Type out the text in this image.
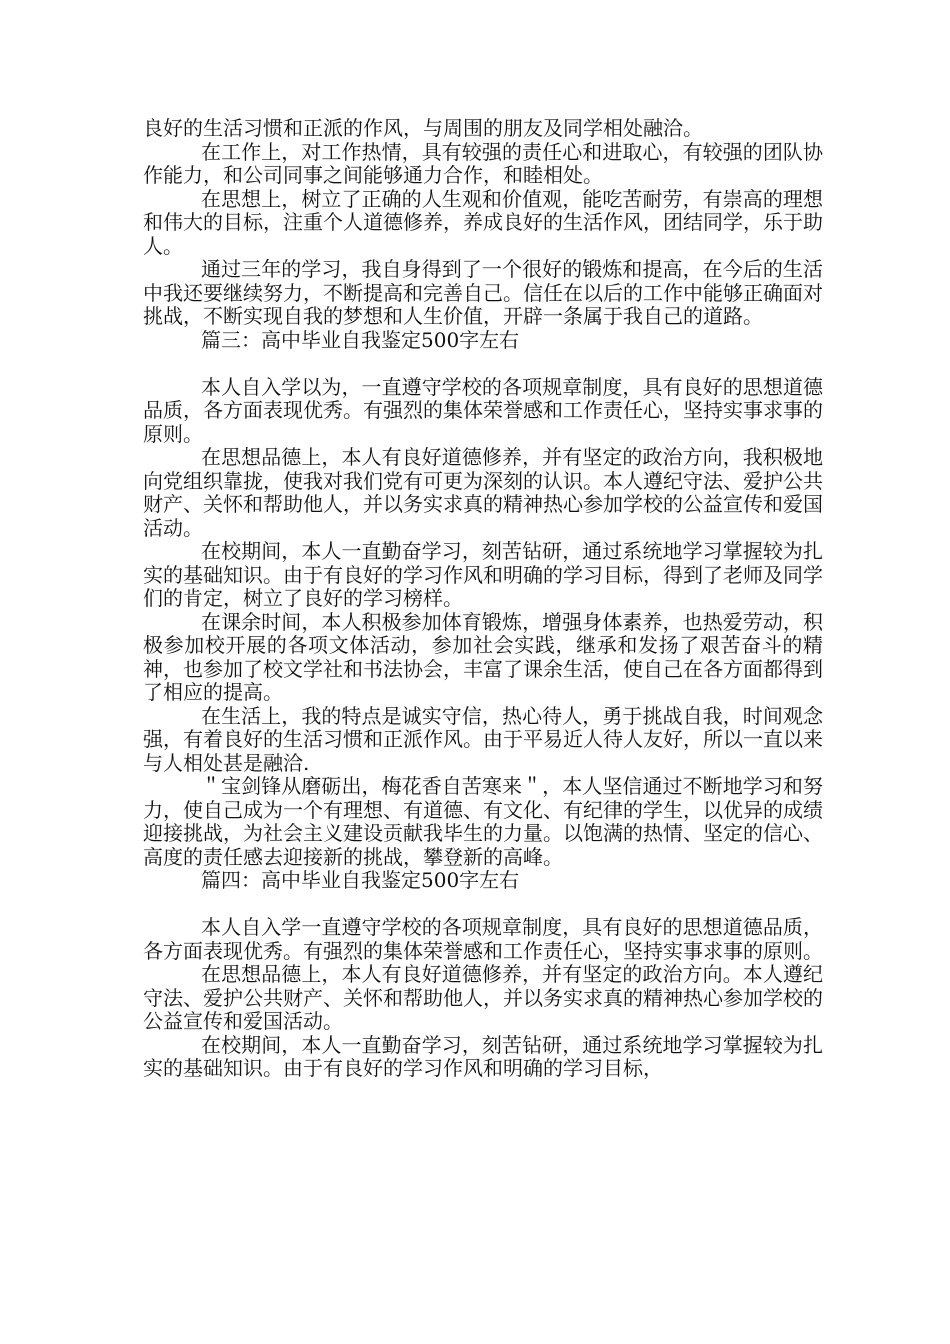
良好的生活习惯和正派的作风，与周围的朋友及同学相处融洽。

在工作上，对工作热情，具有较强的责任心和进取心，有较强的团队协作能力，和公司同事之间能够通力合作，和睦相处。

在思想上，树立了正确的人生观和价值观，能吃苦耐劳，有崇高的理想和伟大的目标，注重个人道德修养，养成良好的生活作风，团结同学，乐于助人。

通过三年的学习，我自身得到了一个很好的锻炼和提高，在今后的生活中我还要继续努力，不断提高和完善自己。信任在以后的工作中能够正确面对挑战，不断实现自我的梦想和人生价值，开辟一条属于我自己的道路。

篇三：高中毕业自我鉴定500字左右

本人自入学以为，一直遵守学校的各项规章制度，具有良好的思想道德品质，各方面表现优秀。有强烈的集体荣誉感和工作责任心，坚持实事求事的原则。

在思想品德上，本人有良好道德修养，并有坚定的政治方向，我积极地向党组织靠拢，使我对我们党有可更为深刻的认识。本人遵纪守法、爱护公共财产、关怀和帮助他人，并以务实求真的精神热心参加学校的公益宣传和爱国活动。

在校期间，本人一直勤奋学习，刻苦钻研，通过系统地学习掌握较为扎实的基础知识。由于有良好的学习作风和明确的学习目标，得到了老师及同学们的肯定，树立了良好的学习榜样。

在课余时间，本人积极参加体育锻炼，增强身体素养，也热爱劳动，积极参加校开展的各项文体活动，参加社会实践，继承和发扬了艰苦奋斗的精神，也参加了校文学社和书法协会，丰富了课余生活，使自己在各方面都得到了相应的提高。

在生活上，我的特点是诚实守信，热心待人，勇于挑战自我，时间观念强，有着良好的生活习惯和正派作风。由于平易近人待人友好，所以一直以来与人相处甚是融洽.

＂宝剑锋从磨砺出，梅花香自苦寒来＂，本人坚信通过不断地学习和努力，使自己成为一个有理想、有道德、有文化、有纪律的学生，以优异的成绩迎接挑战，为社会主义建设贡献我毕生的力量。以饱满的热情、坚定的信心、高度的责任感去迎接新的挑战，攀登新的高峰。

篇四：高中毕业自我鉴定500字左右

本人自入学一直遵守学校的各项规章制度，具有良好的思想道德品质，各方面表现优秀。有强烈的集体荣誉感和工作责任心，坚持实事求事的原则。

在思想品德上，本人有良好道德修养，并有坚定的政治方向。本人遵纪守法、爱护公共财产、关怀和帮助他人，并以务实求真的精神热心参加学校的公益宣传和爱国活动。

在校期间，本人一直勤奋学习，刻苦钻研，通过系统地学习掌握较为扎实的基础知识。由于有良好的学习作风和明确的学习目标，
